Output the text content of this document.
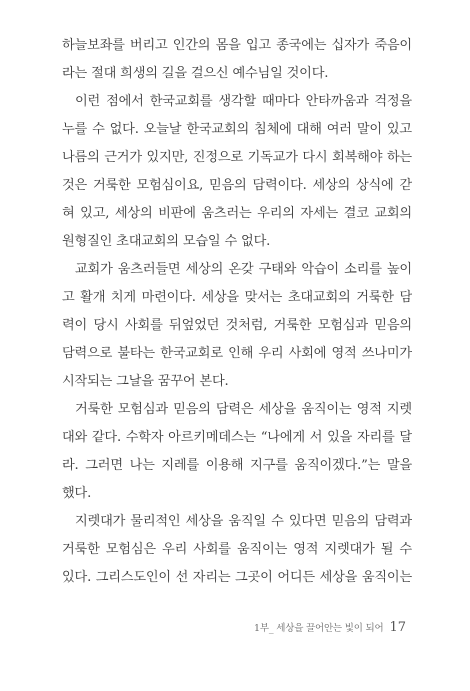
하늘보좌를 버리고 인간의 몸을 입고 종국에는 십자가 죽음이
라는 절대 희생의 길을 걸으신 예수님일 것이다.
이런 점에서 한국교회를 생각할 때마다 안타까움과 걱정을
누를 수 없다. 오늘날 한국교회의 침체에 대해 여러 말이 있고
나름의 근거가 있지만, 진정으로 기독교가 다시 회복해야 하는
것은 거룩한 모험심이요, 믿음의 담력이다. 세상의 상식에 갇
혀 있고, 세상의 비판에 움츠러는 우리의 자세는 결코 교회의
원형질인 초대교회의 모습일 수 없다.
교회가 움츠러들면 세상의 온갖 구태와 악습이 소리를 높이
고 활개 치게 마련이다. 세상을 맞서는 초대교회의 거룩한 담
력이 당시 사회를 뒤엎었던 것처럼, 거룩한 모험심과 믿음의
담력으로 불타는 한국교회로 인해 우리 사회에 영적 쓰나미가
시작되는 그날을 꿈꾸어 본다.
거룩한 모험심과 믿음의 담력은 세상을 움직이는 영적 지렛
대와 같다. 수학자 아르키메데스는 “나에게 서 있을 자리를 달
라. 그러면 나는 지레를 이용해 지구를 움직이겠다.”는 말을
했다.
지렛대가 물리적인 세상을 움직일 수 있다면 믿음의 담력과
거룩한 모험심은 우리 사회를 움직이는 영적 지렛대가 될 수
있다. 그리스도인이 선 자리는 그곳이 어디든 세상을 움직이는
1부_ 세상을 끌어안는 빛이 되어 17
